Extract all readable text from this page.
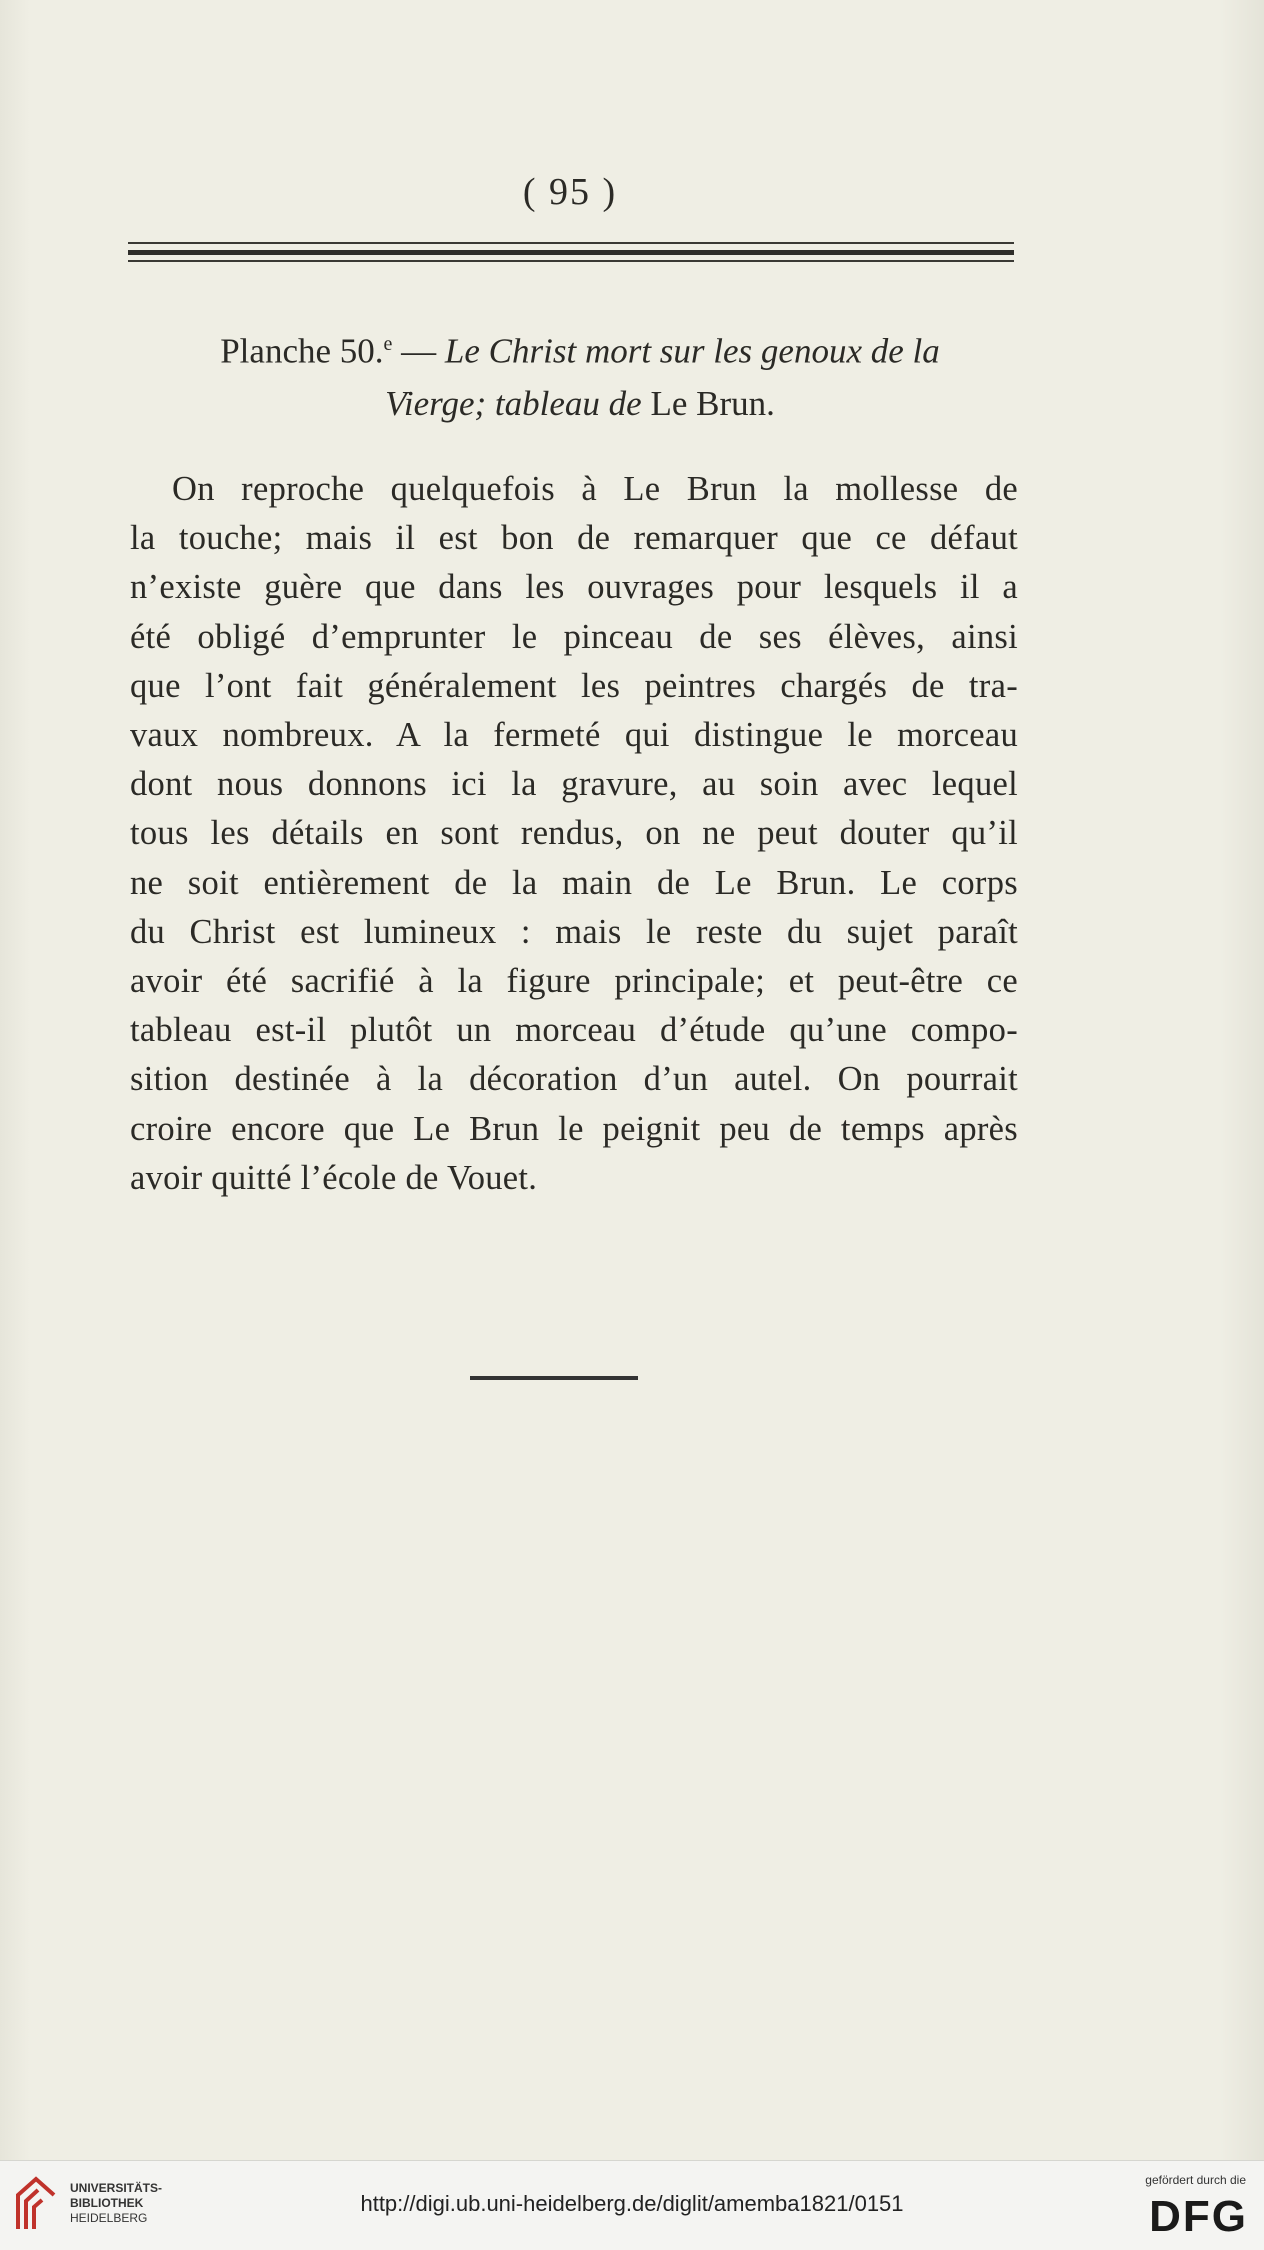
( 95 )
Planche 50.$^e$ — Le Christ mort sur les genoux de la
Vierge; tableau de Le Brun.
On reproche quelquefois à Le Brun la mollesse de
la touche; mais il est bon de remarquer que ce défaut
n’existe guère que dans les ouvrages pour lesquels il a
été obligé d’emprunter le pinceau de ses élèves, ainsi
que l’ont fait généralement les peintres chargés de tra-
vaux nombreux. A la fermeté qui distingue le morceau
dont nous donnons ici la gravure, au soin avec lequel
tous les détails en sont rendus, on ne peut douter qu’il
ne soit entièrement de la main de Le Brun. Le corps
du Christ est lumineux : mais le reste du sujet paraît
avoir été sacrifié à la figure principale; et peut-être ce
tableau est-il plutôt un morceau d’étude qu’une compo-
sition destinée à la décoration d’un autel. On pourrait
croire encore que Le Brun le peignit peu de temps après
avoir quitté l’école de Vouet.
UNIVERSITÄTS-
BIBLIOTHEK
HEIDELBERG
http://digi.ub.uni-heidelberg.de/diglit/amemba1821/0151
gefördert durch die
DFG
